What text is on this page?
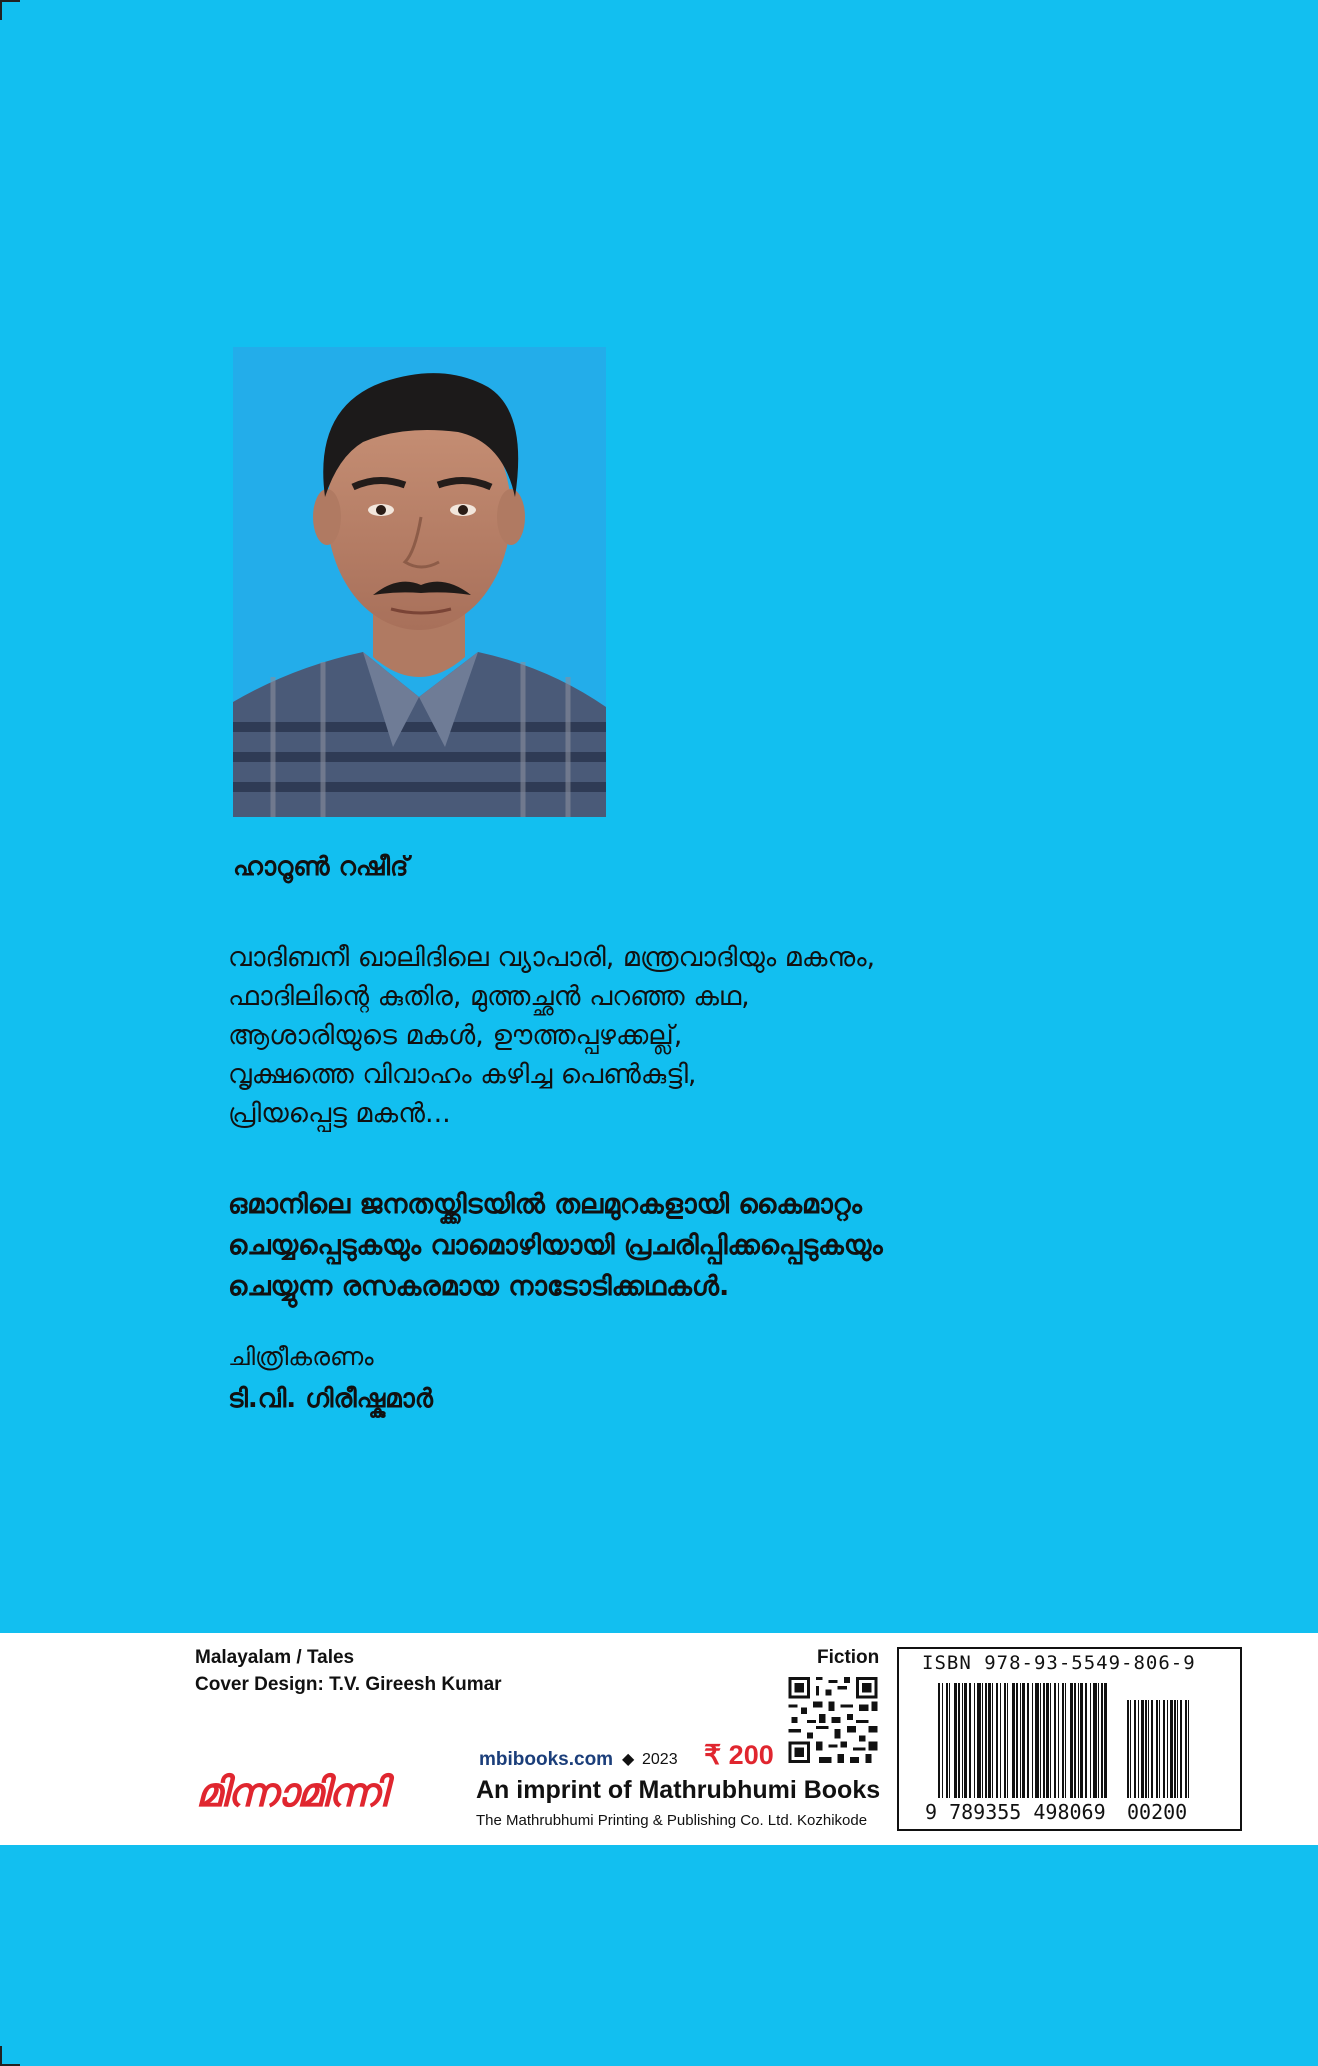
ഹാറൂൺ റഷീദ്
വാദിബനീ ഖാലിദിലെ വ്യാപാരി, മന്ത്രവാദിയും മകനും,
ഫാദിലിന്റെ കുതിര, മുത്തച്ഛൻ പറഞ്ഞ കഥ,
ആശാരിയുടെ മകൾ, ഊത്തപ്പഴക്കല്ല്,
വൃക്ഷത്തെ വിവാഹം കഴിച്ച പെൺകുട്ടി,
പ്രിയപ്പെട്ട മകൻ...
ഒമാനിലെ ജനതയ്ക്കിടയിൽ തലമുറകളായി കൈമാറ്റം
ചെയ്യപ്പെടുകയും വാമൊഴിയായി പ്രചരിപ്പിക്കപ്പെടുകയും
ചെയ്യുന്ന രസകരമായ നാടോടിക്കഥകൾ.
ചിത്രീകരണം
ടി.വി. ഗിരീഷ്കുമാർ
Malayalam / Tales
Cover Design: T.V. Gireesh Kumar
Fiction
mbibooks.com ◆ 2023 ₹ 200
മിന്നാമിന്നി	An imprint of Mathrubhumi Books
The Mathrubhumi Printing & Publishing Co. Ltd. Kozhikode
ISBN 978-93-5549-806-9
9 789355 498069 00200
